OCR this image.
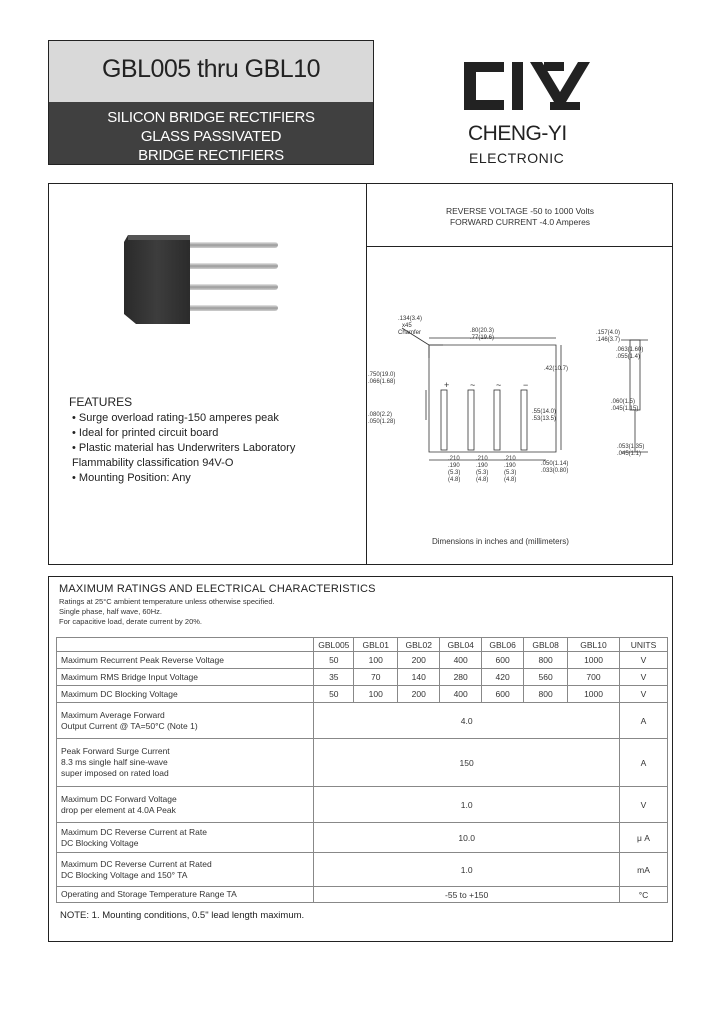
GBL005 thru GBL10
SILICON BRIDGE RECTIFIERS
GLASS PASSIVATED
BRIDGE RECTIFIERS
CHENG-YI
ELECTRONIC
REVERSE VOLTAGE -50 to 1000 Volts
FORWARD CURRENT -4.0 Amperes
FEATURES
• Surge overload rating-150 amperes peak
• Ideal for printed circuit board
• Plastic material has Underwriters Laboratory
Flammability classification 94V-O
• Mounting Position: Any
+ ~ ~ −
.134(3.4)
x45
Chamfer	.80(20.3)
.77(19.6)
.157(4.0)
.146(3.7)
.42(10.7)
.750(19.0)
.066(1.68)
.080(2.2)
.050(1.28)
.060(1.5)
.045(1.15)
.053(1.35)
.045(1.1)
.55(14.0)
.53(13.5)
.210
.190
(5.3)
(4.8)
.210
.190
(5.3)
(4.8)
.210
.190
(5.3)
(4.8)
.050(1.14)
.033(0.80)
.063(1.60)
.055(1.4)
Dimensions in inches and (millimeters)
MAXIMUM RATINGS AND ELECTRICAL CHARACTERISTICS
Ratings at 25°C ambient temperature unless otherwise specified.
Single phase, half wave, 60Hz.
For capacitive load, derate current by 20%.
	GBL005	GBL01	GBL02	GBL04	GBL06	GBL08	GBL10	UNITS
Maximum Recurrent Peak Reverse Voltage	50	100	200	400	600	800	1000	V
Maximum RMS Bridge Input Voltage	35	70	140	280	420	560	700	V
Maximum DC Blocking Voltage	50	100	200	400	600	800	1000	V

Maximum Average Forward
Output Current @ TA=50°C (Note 1)	4.0							A

Peak Forward Surge Current
8.3 ms single half sine-wave
super imposed on rated load	150							A

Maximum DC Forward Voltage
drop per element at 4.0A Peak	1.0							V

Maximum DC Reverse Current at Rate
DC Blocking Voltage	10.0							μ A

Maximum DC Reverse Current at Rated
DC Blocking Voltage and 150° TA	1.0							mA
Operating and Storage Temperature Range TA	-55 to +150							°C
NOTE: 1. Mounting conditions, 0.5" lead length maximum.
